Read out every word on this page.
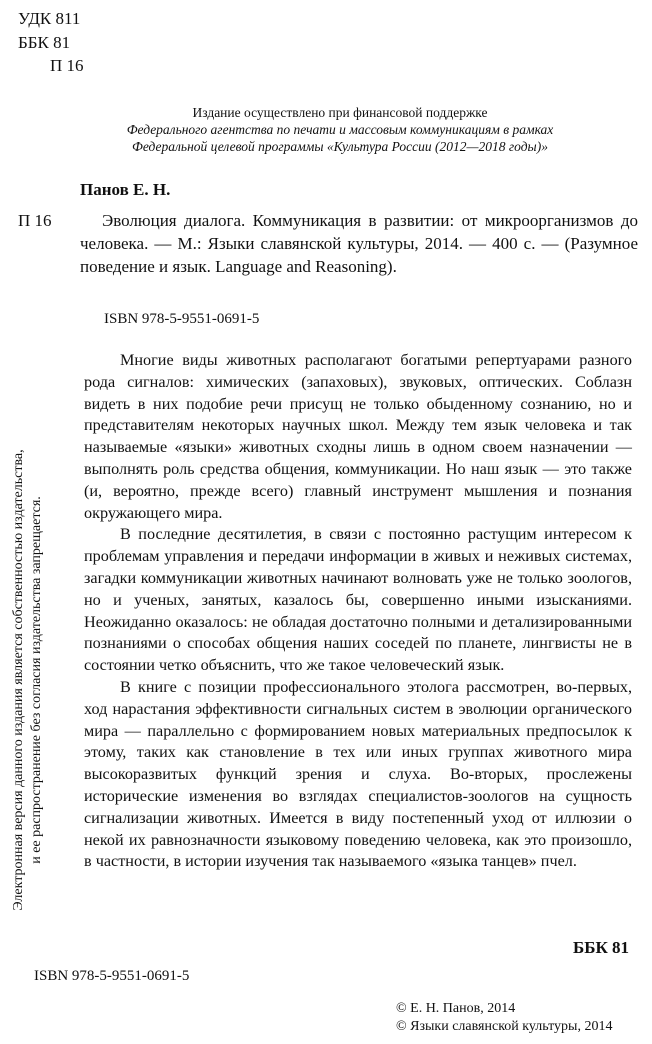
УДК 811
ББК 81
П 16
Издание осуществлено при финансовой поддержке
Федерального агентства по печати и массовым коммуникациям в рамках
Федеральной целевой программы «Культура России (2012—2018 годы)»
Панов Е. Н.
П 16	Эволюция диалога. Коммуникация в развитии: от микроорганизмов до человека. — М.: Языки славянской культуры, 2014. — 400 с. — (Разумное поведение и язык. Language and Reasoning).

ISBN 978-5-9551-0691-5
Электронная версия данного издания является собственностью издательства, и ее распространение без согласия издательства запрещается.

Многие виды животных располагают богатыми репертуарами разного рода сигналов: химических (запаховых), звуковых, оптических. Соблазн видеть в них подобие речи присущ не только обыденному сознанию, но и представителям некоторых научных школ. Между тем язык человека и так называемые «языки» животных сходны лишь в одном своем назначении — выполнять роль средства общения, коммуникации. Но наш язык — это также (и, вероятно, прежде всего) главный инструмент мышления и познания окружающего мира.

В последние десятилетия, в связи с постоянно растущим интересом к проблемам управления и передачи информации в живых и неживых системах, загадки коммуникации животных начинают волновать уже не только зоологов, но и ученых, занятых, казалось бы, совершенно иными изысканиями. Неожиданно оказалось: не обладая достаточно полными и детализированными познаниями о способах общения наших соседей по планете, лингвисты не в состоянии четко объяснить, что же такое человеческий язык.

В книге с позиции профессионального этолога рассмотрен, во-первых, ход нарастания эффективности сигнальных систем в эволюции органического мира — параллельно с формированием новых материальных предпосылок к этому, таких как становление в тех или иных группах животного мира высокоразвитых функций зрения и слуха. Во-вторых, прослежены исторические изменения во взглядах специалистов-зоологов на сущность сигнализации животных. Имеется в виду постепенный уход от иллюзии о некой их равнозначности языковому поведению человека, как это произошло, в частности, в истории изучения так называемого «языка танцев» пчел.

ББК 81
ISBN 978-5-9551-0691-5
© Е. Н. Панов, 2014
© Языки славянской культуры, 2014
